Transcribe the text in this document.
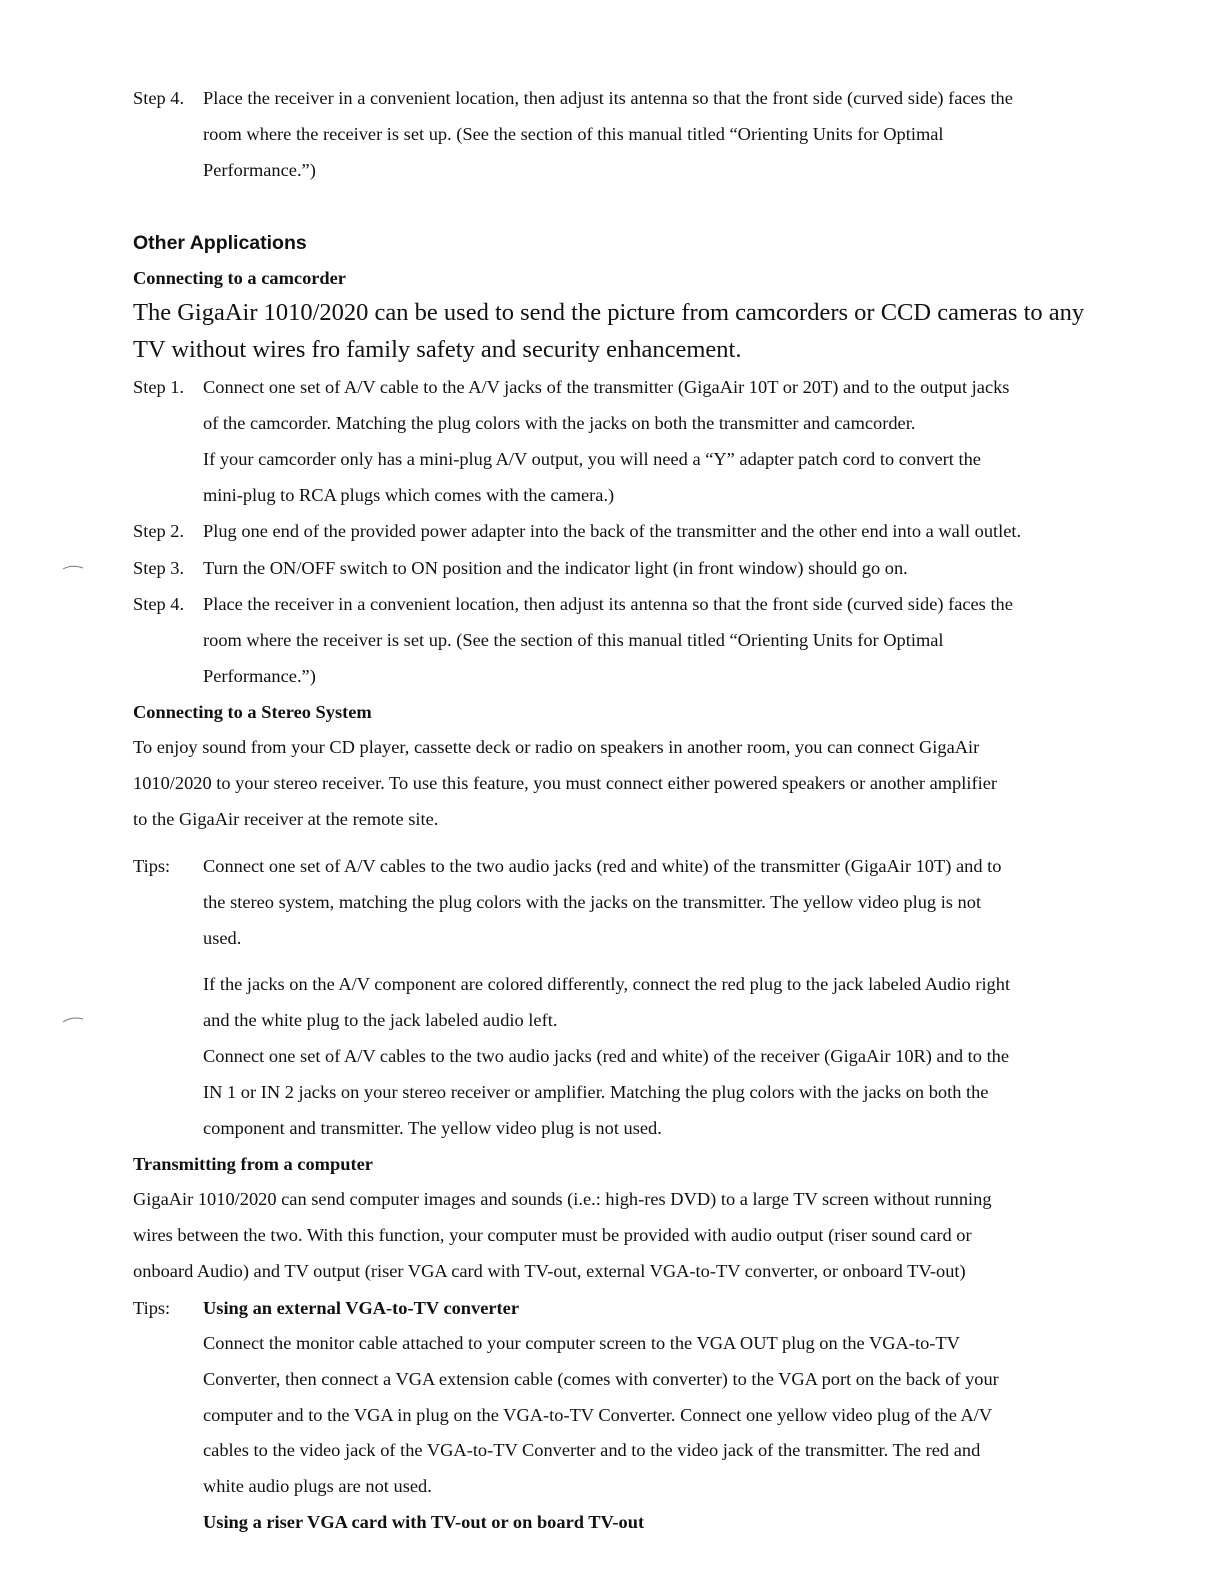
Step 4. Place the receiver in a convenient location, then adjust its antenna so that the front side (curved side) faces the
room where the receiver is set up. (See the section of this manual titled “Orienting Units for Optimal
Performance.”)
Other Applications
Connecting to a camcorder
The GigaAir 1010/2020 can be used to send the picture from camcorders or CCD cameras to any
TV without wires fro family safety and security enhancement.
Step 1. Connect one set of A/V cable to the A/V jacks of the transmitter (GigaAir 10T or 20T) and to the output jacks
of the camcorder. Matching the plug colors with the jacks on both the transmitter and camcorder.
If your camcorder only has a mini-plug A/V output, you will need a “Y” adapter patch cord to convert the
mini-plug to RCA plugs which comes with the camera.)
Step 2. Plug one end of the provided power adapter into the back of the transmitter and the other end into a wall outlet.
Step 3. Turn the ON/OFF switch to ON position and the indicator light (in front window) should go on.
Step 4. Place the receiver in a convenient location, then adjust its antenna so that the front side (curved side) faces the
room where the receiver is set up. (See the section of this manual titled “Orienting Units for Optimal
Performance.”)
Connecting to a Stereo System
To enjoy sound from your CD player, cassette deck or radio on speakers in another room, you can connect GigaAir
1010/2020 to your stereo receiver. To use this feature, you must connect either powered speakers or another amplifier
to the GigaAir receiver at the remote site.
Tips: Connect one set of A/V cables to the two audio jacks (red and white) of the transmitter (GigaAir 10T) and to
the stereo system, matching the plug colors with the jacks on the transmitter. The yellow video plug is not
used.
If the jacks on the A/V component are colored differently, connect the red plug to the jack labeled Audio right
and the white plug to the jack labeled audio left.
Connect one set of A/V cables to the two audio jacks (red and white) of the receiver (GigaAir 10R) and to the
IN 1 or IN 2 jacks on your stereo receiver or amplifier. Matching the plug colors with the jacks on both the
component and transmitter. The yellow video plug is not used.
Transmitting from a computer
GigaAir 1010/2020 can send computer images and sounds (i.e.: high-res DVD) to a large TV screen without running
wires between the two. With this function, your computer must be provided with audio output (riser sound card or
onboard Audio) and TV output (riser VGA card with TV-out, external VGA-to-TV converter, or onboard TV-out)
Tips: Using an external VGA-to-TV converter
Connect the monitor cable attached to your computer screen to the VGA OUT plug on the VGA-to-TV
Converter, then connect a VGA extension cable (comes with converter) to the VGA port on the back of your
computer and to the VGA in plug on the VGA-to-TV Converter. Connect one yellow video plug of the A/V
cables to the video jack of the VGA-to-TV Converter and to the video jack of the transmitter. The red and
white audio plugs are not used.
Using a riser VGA card with TV-out or on board TV-out
